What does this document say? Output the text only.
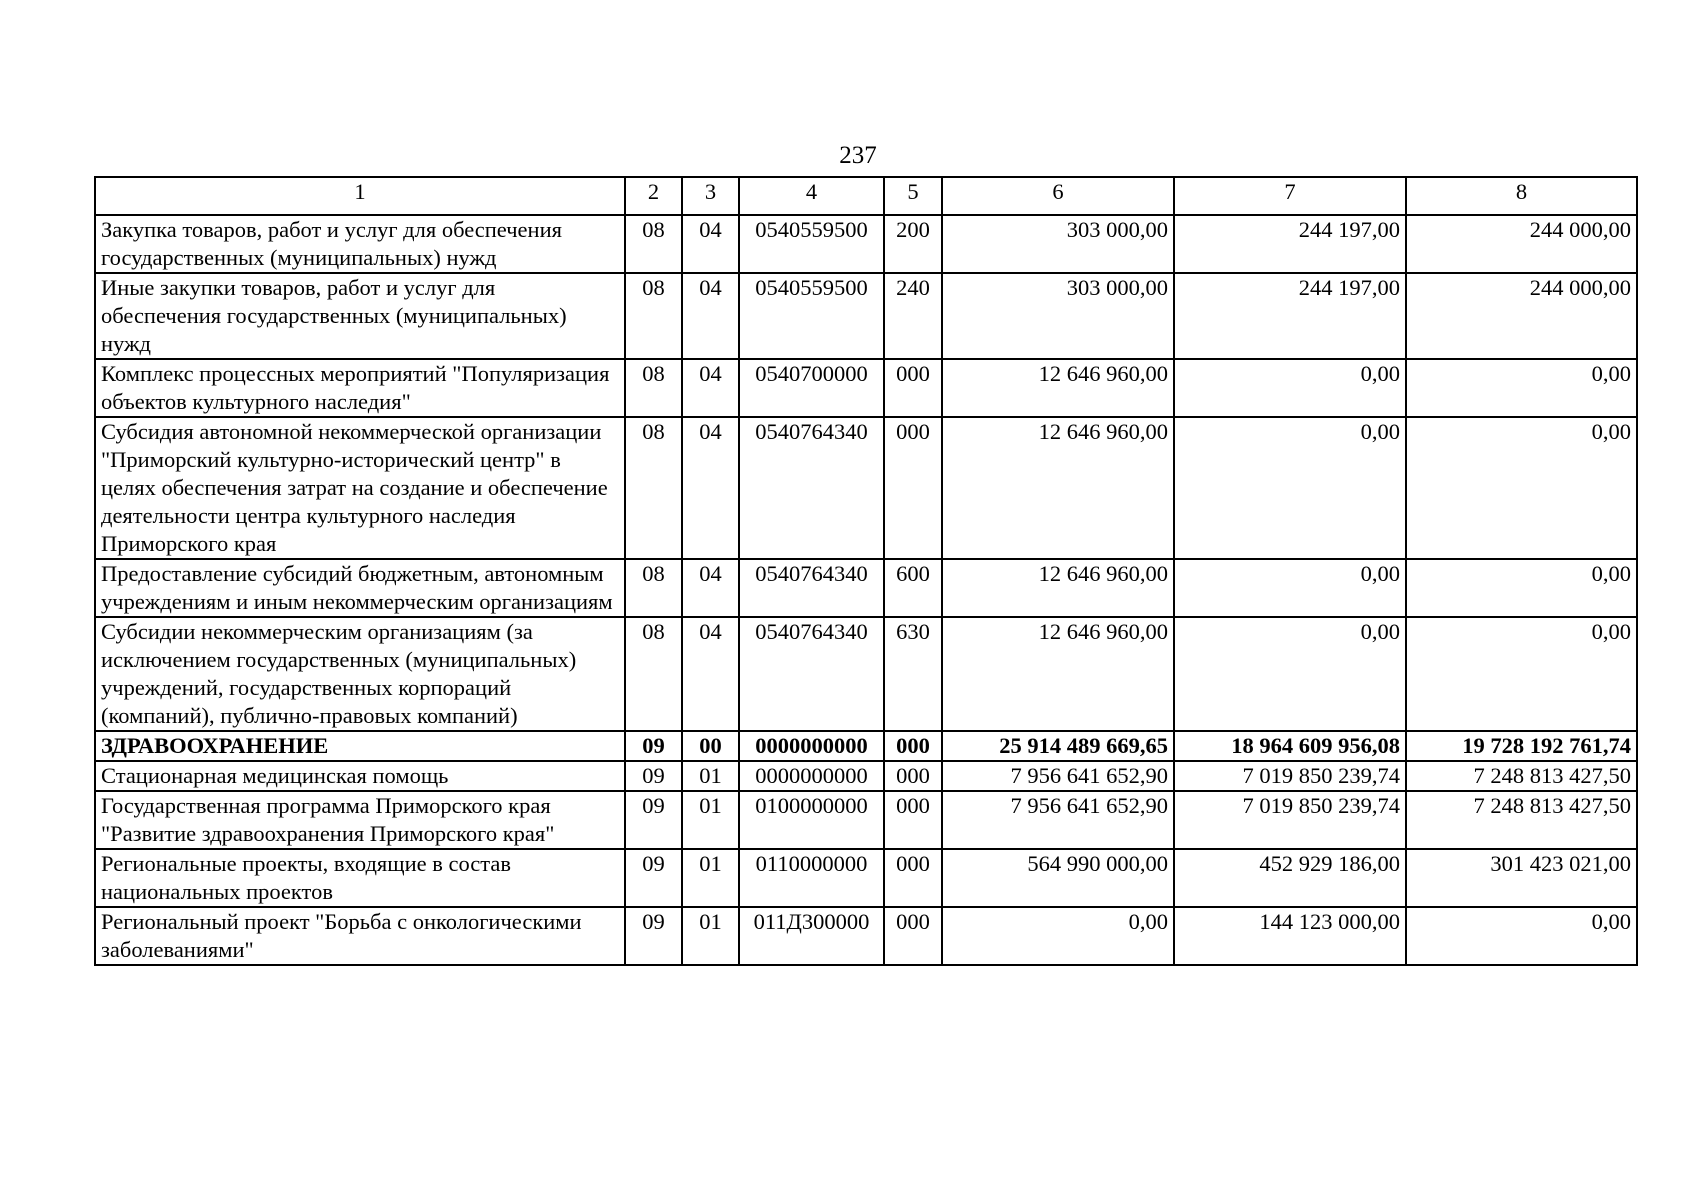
237
1	2	3	4	5	6	7	8
Закупка товаров, работ и услуг для обеспечения государственных (муниципальных) нужд	08	04	0540559500	200	303 000,00	244 197,00	244 000,00
Иные закупки товаров, работ и услуг для обеспечения государственных (муниципальных) нужд	08	04	0540559500	240	303 000,00	244 197,00	244 000,00
Комплекс процессных мероприятий "Популяризация объектов культурного наследия"	08	04	0540700000	000	12 646 960,00	0,00	0,00
Субсидия автономной некоммерческой организации "Приморский культурно-исторический центр" в целях обеспечения затрат на создание и обеспечение деятельности центра культурного наследия Приморского края	08	04	0540764340	000	12 646 960,00	0,00	0,00
Предоставление субсидий бюджетным, автономным учреждениям и иным некоммерческим организациям	08	04	0540764340	600	12 646 960,00	0,00	0,00
Субсидии некоммерческим организациям (за исключением государственных (муниципальных) учреждений, государственных корпораций (компаний), публично-правовых компаний)	08	04	0540764340	630	12 646 960,00	0,00	0,00
ЗДРАВООХРАНЕНИЕ	09	00	0000000000	000	25 914 489 669,65	18 964 609 956,08	19 728 192 761,74
Стационарная медицинская помощь	09	01	0000000000	000	7 956 641 652,90	7 019 850 239,74	7 248 813 427,50
Государственная программа Приморского края "Развитие здравоохранения Приморского края"	09	01	0100000000	000	7 956 641 652,90	7 019 850 239,74	7 248 813 427,50
Региональные проекты, входящие в состав национальных проектов	09	01	0110000000	000	564 990 000,00	452 929 186,00	301 423 021,00
Региональный проект "Борьба с онкологическими заболеваниями"	09	01	011Д300000	000	0,00	144 123 000,00	0,00
